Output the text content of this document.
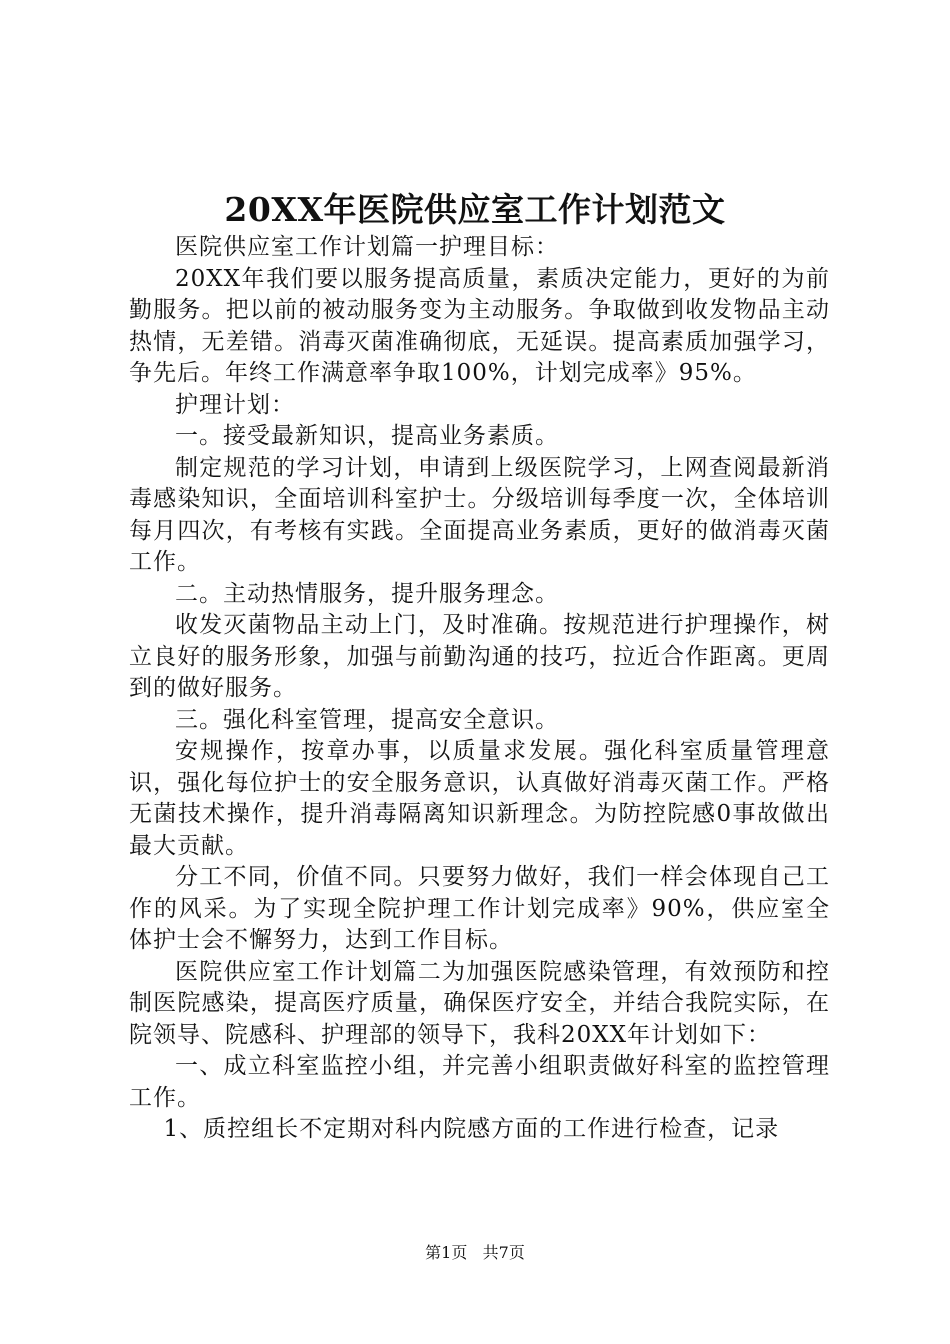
20XX年医院供应室工作计划范文

医院供应室工作计划篇一护理目标：

20XX年我们要以服务提高质量，素质决定能力，更好的为前勤服务。把以前的被动服务变为主动服务。争取做到收发物品主动热情，无差错。消毒灭菌准确彻底，无延误。提高素质加强学习，争先后。年终工作满意率争取100%，计划完成率》95%。

护理计划：

一。接受最新知识，提高业务素质。

制定规范的学习计划，申请到上级医院学习，上网查阅最新消毒感染知识，全面培训科室护士。分级培训每季度一次，全体培训每月四次，有考核有实践。全面提高业务素质，更好的做消毒灭菌工作。

二。主动热情服务，提升服务理念。

收发灭菌物品主动上门，及时准确。按规范进行护理操作，树立良好的服务形象，加强与前勤沟通的技巧，拉近合作距离。更周到的做好服务。

三。强化科室管理，提高安全意识。

安规操作，按章办事，以质量求发展。强化科室质量管理意识，强化每位护士的安全服务意识，认真做好消毒灭菌工作。严格无菌技术操作，提升消毒隔离知识新理念。为防控院感0事故做出最大贡献。

分工不同，价值不同。只要努力做好，我们一样会体现自己工作的风采。为了实现全院护理工作计划完成率》90%，供应室全体护士会不懈努力，达到工作目标。

医院供应室工作计划篇二为加强医院感染管理，有效预防和控制医院感染，提高医疗质量，确保医疗安全，并结合我院实际，在院领导、院感科、护理部的领导下，我科20XX年计划如下：

一、成立科室监控小组，并完善小组职责做好科室的监控管理工作。

1、质控组长不定期对科内院感方面的工作进行检查，记录

第1页 共7页
